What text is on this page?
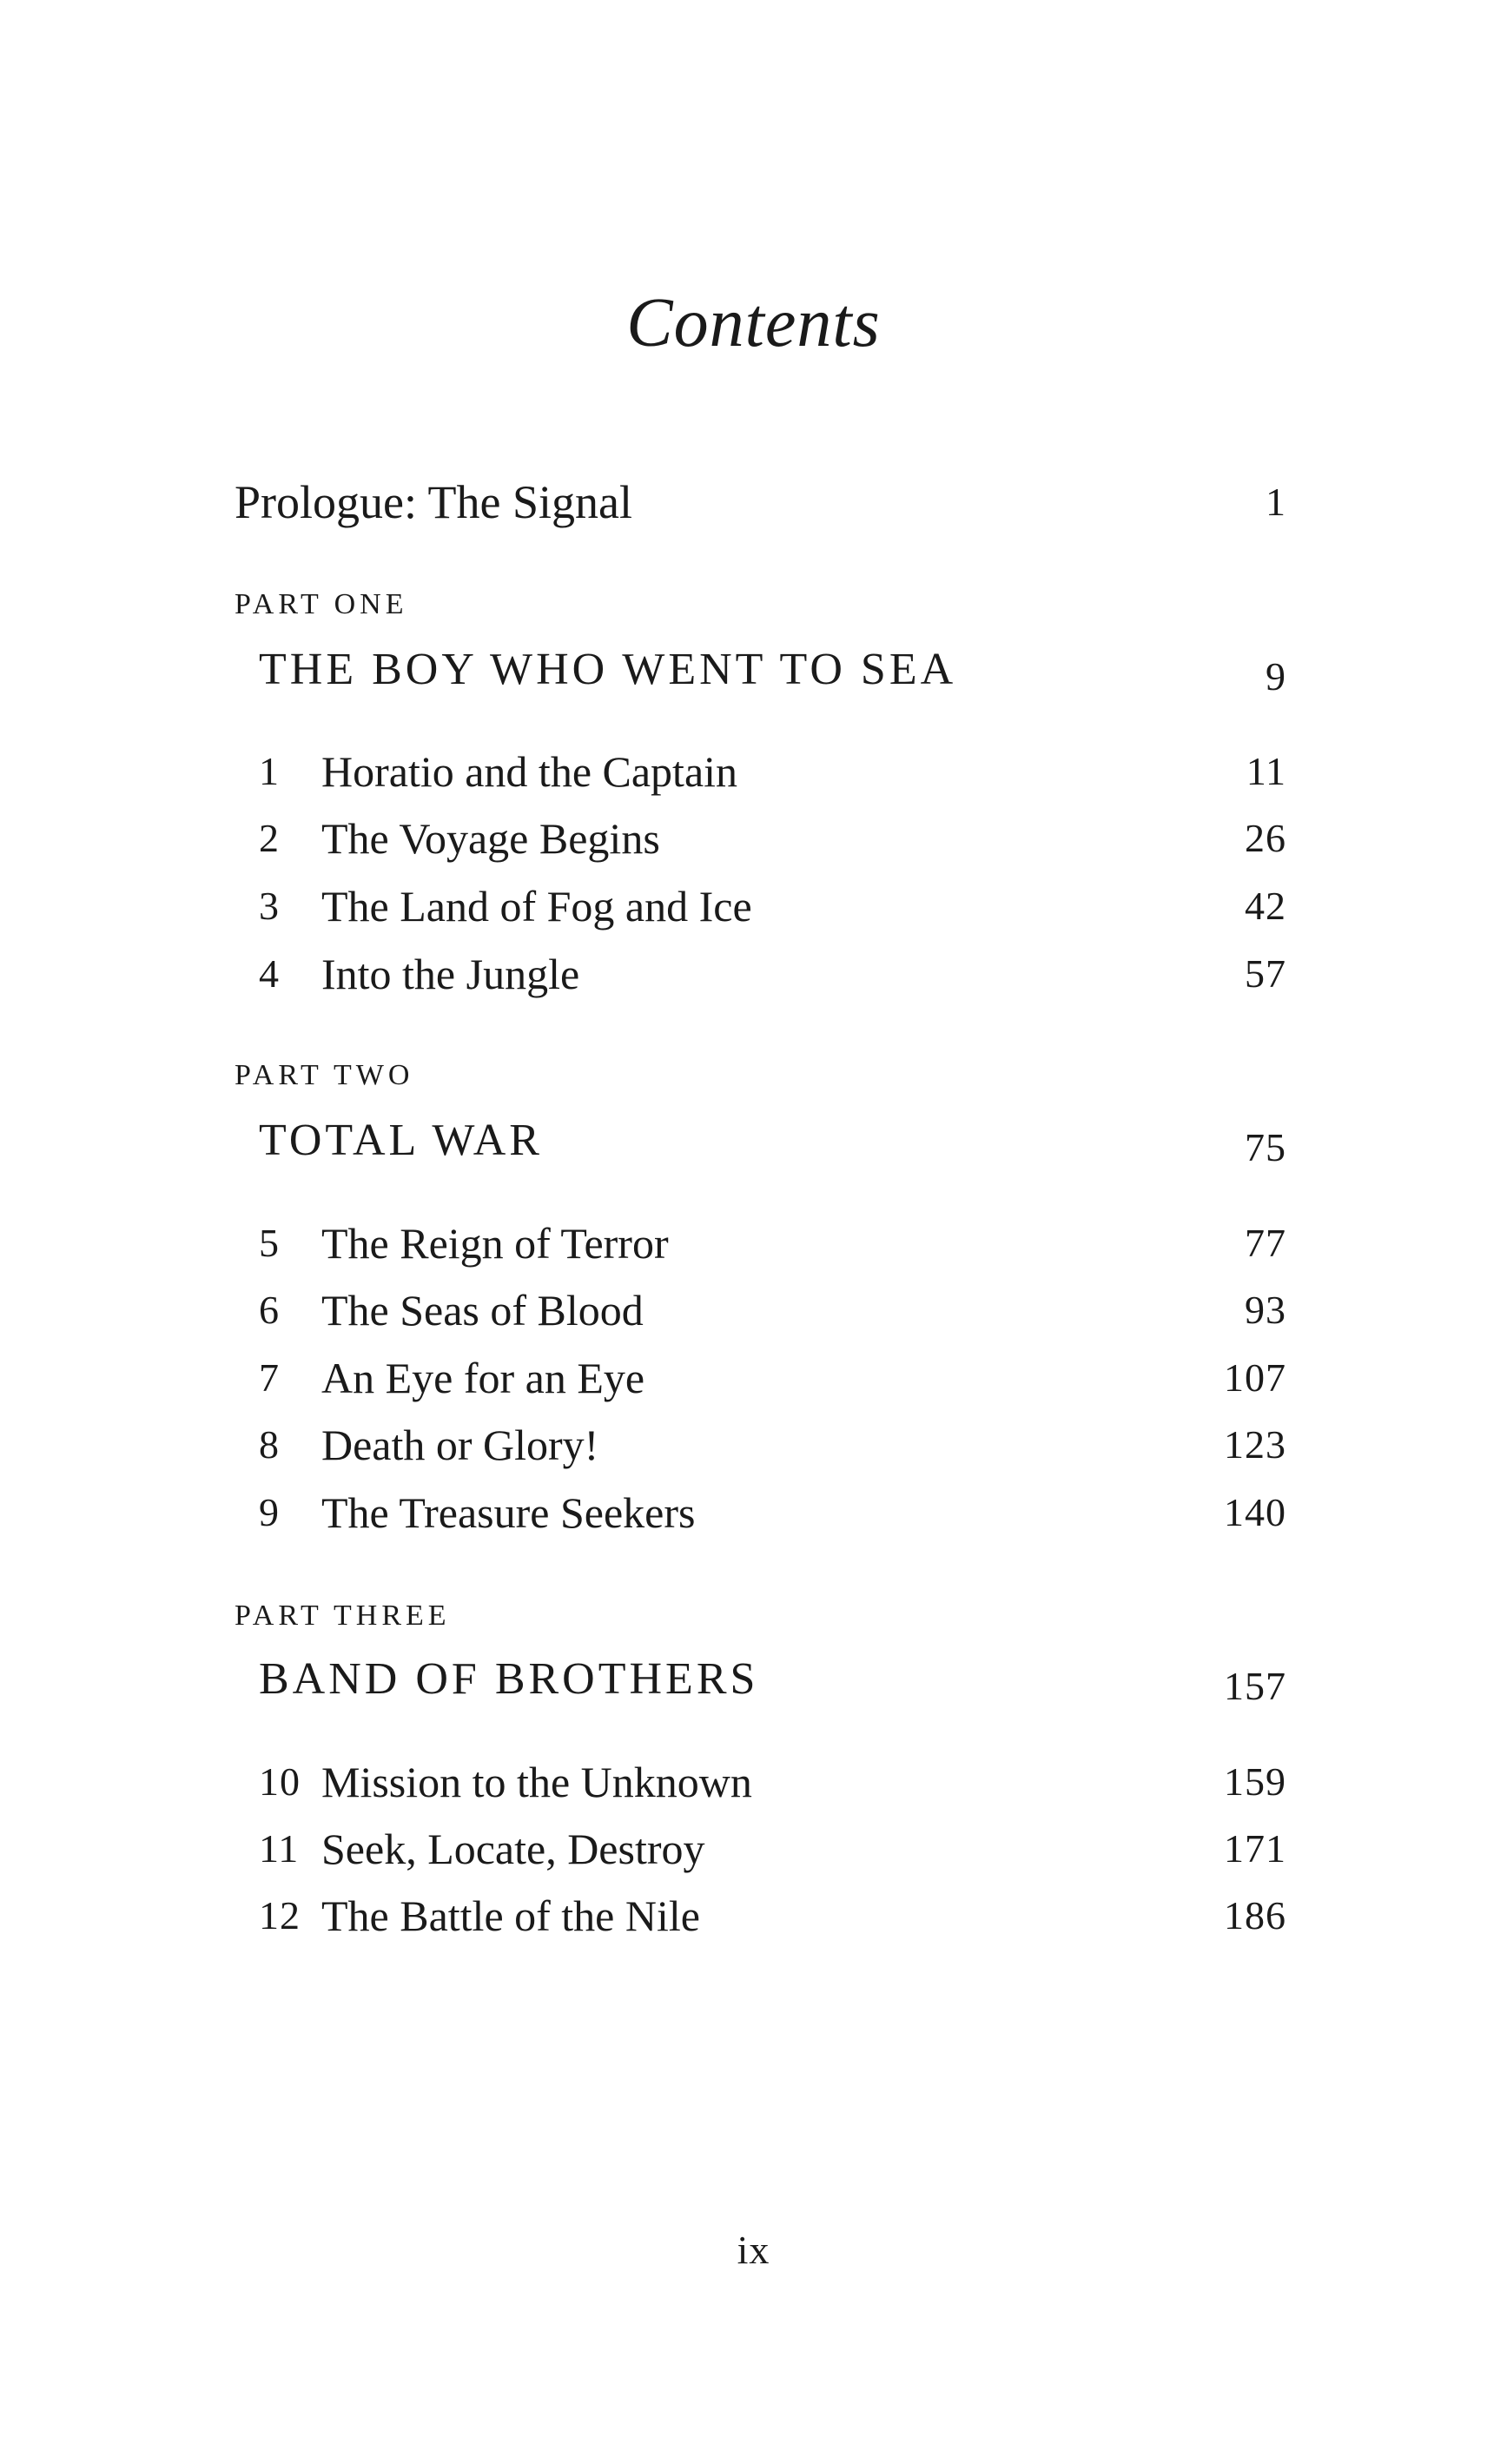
Contents
Prologue: The Signal	1
PART ONE
THE BOY WHO WENT TO SEA	9
1 Horatio and the Captain	11
2 The Voyage Begins	26
3 The Land of Fog and Ice	42
4 Into the Jungle	57
PART TWO
TOTAL WAR	75
5 The Reign of Terror	77
6 The Seas of Blood	93
7 An Eye for an Eye	107
8 Death or Glory!	123
9 The Treasure Seekers	140
PART THREE
BAND OF BROTHERS	157
10 Mission to the Unknown	159
11 Seek, Locate, Destroy	171
12 The Battle of the Nile	186
ix
